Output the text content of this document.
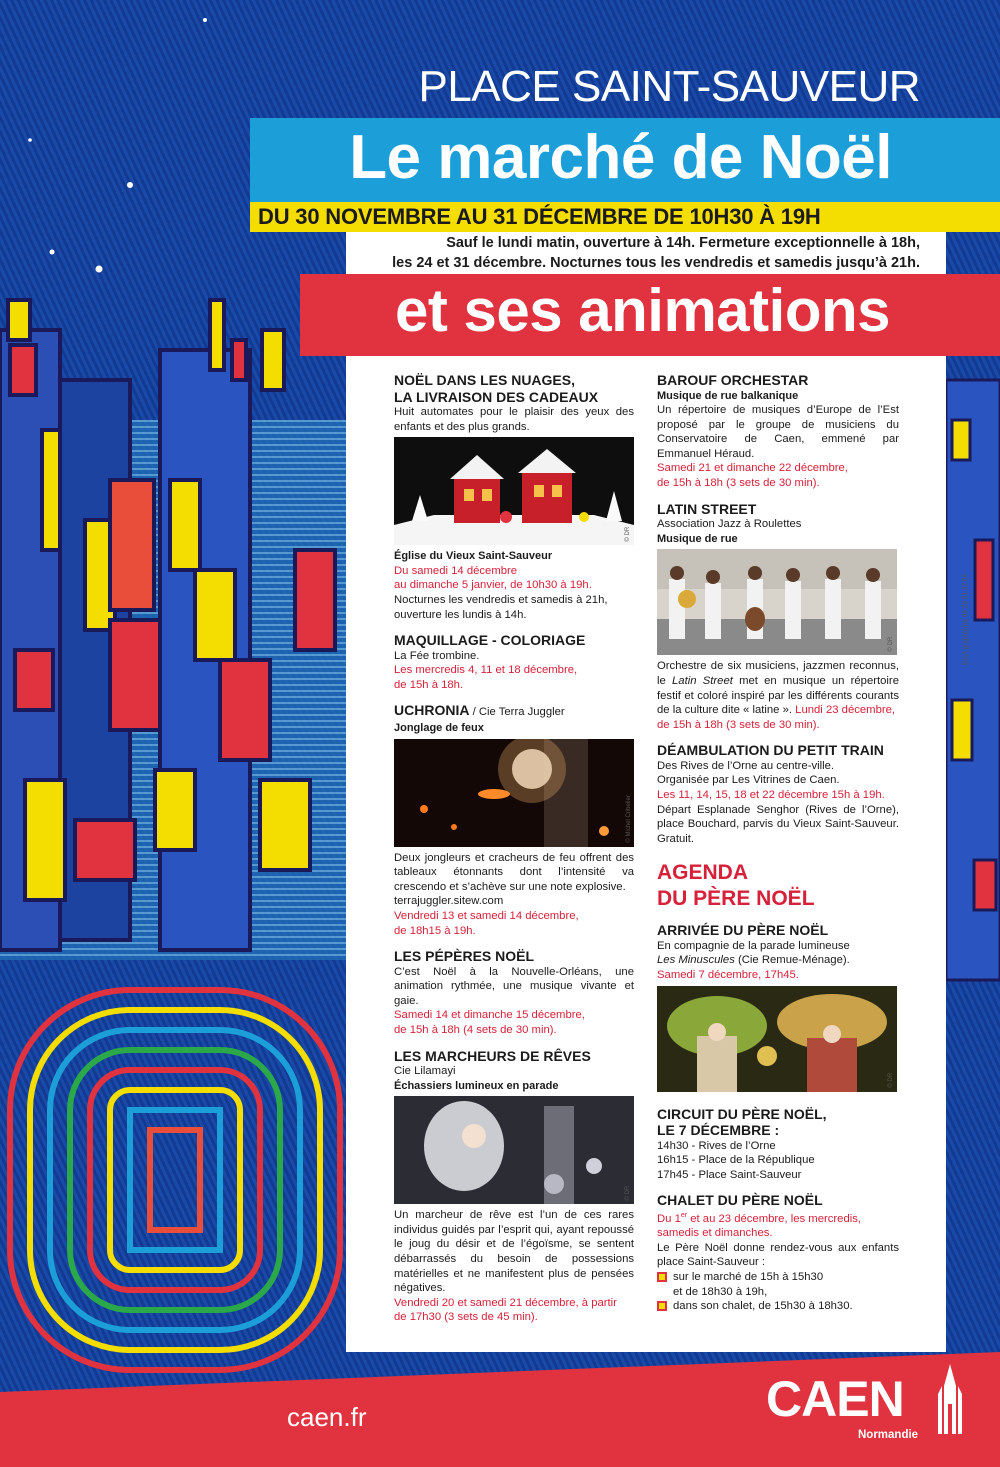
PLACE SAINT-SAUVEUR
Le marché de Noël
DU 30 NOVEMBRE AU 31 DÉCEMBRE DE 10H30 À 19H
Sauf le lundi matin, ouverture à 14h. Fermeture exceptionnelle à 18h,
les 24 et 31 décembre. Nocturnes tous les vendredis et samedis jusqu’à 21h.
et ses animations
NOËL DANS LES NUAGES,
LA LIVRAISON DES CADEAUX
Huit automates pour le plaisir des yeux des enfants et des plus grands.
© DR
Église du Vieux Saint-Sauveur
Du samedi 14 décembre
au dimanche 5 janvier, de 10h30 à 19h.
Nocturnes les vendredis et samedis à 21h, ouverture les lundis à 14h.
MAQUILLAGE - COLORIAGE
La Fée trombine.
Les mercredis 4, 11 et 18 décembre,
de 15h à 18h.
UCHRONIA / Cie Terra Juggler
Jonglage de feux
© Michel Cribelier
Deux jongleurs et cracheurs de feu offrent des tableaux étonnants dont l’intensité va crescendo et s’achève sur une note explosive.
terrajuggler.sitew.com
Vendredi 13 et samedi 14 décembre,
de 18h15 à 19h.
LES PÉPÈRES NOËL
C’est Noël à la Nouvelle-Orléans, une animation rythmée, une musique vivante et gaie.
Samedi 14 et dimanche 15 décembre,
de 15h à 18h (4 sets de 30 min).
LES MARCHEURS DE RÊVES
Cie Lilamayi
Échassiers lumineux en parade
© DR
Un marcheur de rêve est l’un de ces rares individus guidés par l’esprit qui, ayant repoussé le joug du désir et de l’égoïsme, se sentent débarrassés du besoin de possessions matérielles et ne manifestent plus de pensées négatives.
Vendredi 20 et samedi 21 décembre, à partir
de 17h30 (3 sets de 45 min).
BAROUF ORCHESTAR
Musique de rue balkanique
Un répertoire de musiques d’Europe de l’Est proposé par le groupe de musiciens du Conservatoire de Caen, emmené par Emmanuel Héraud.
Samedi 21 et dimanche 22 décembre,
de 15h à 18h (3 sets de 30 min).
LATIN STREET
Association Jazz à Roulettes
Musique de rue
© DR
Orchestre de six musiciens, jazzmen reconnus, le Latin Street met en musique un répertoire festif et coloré inspiré par les différents courants de la culture dite « latine ». Lundi 23 décembre,
de 15h à 18h (3 sets de 30 min).
DÉAMBULATION DU PETIT TRAIN
Des Rives de l’Orne au centre-ville.
Organisée par Les Vitrines de Caen.
Les 11, 14, 15, 18 et 22 décembre 15h à 19h.
Départ Esplanade Senghor (Rives de l’Orne), place Bouchard, parvis du Vieux Saint-Sauveur. Gratuit.
AGENDA
DU PÈRE NOËL
ARRIVÉE DU PÈRE NOËL
En compagnie de la parade lumineuse
Les Minuscules (Cie Remue-Ménage).
Samedi 7 décembre, 17h45.
© DR
CIRCUIT DU PÈRE NOËL,
LE 7 DÉCEMBRE :
14h30 - Rives de l’Orne
16h15 - Place de la République
17h45 - Place Saint-Sauveur
CHALET DU PÈRE NOËL
Du 1er et au 23 décembre, les mercredis,
samedis et dimanches.
Le Père Noël donne rendez-vous aux enfants place Saint-Sauveur :
sur le marché de 15h à 15h30
et de 18h30 à 19h,
dans son chalet, de 15h30 à 18h30.
EmA graphisme 06 25 01 32 84
caen.fr	CAEN
Normandie
